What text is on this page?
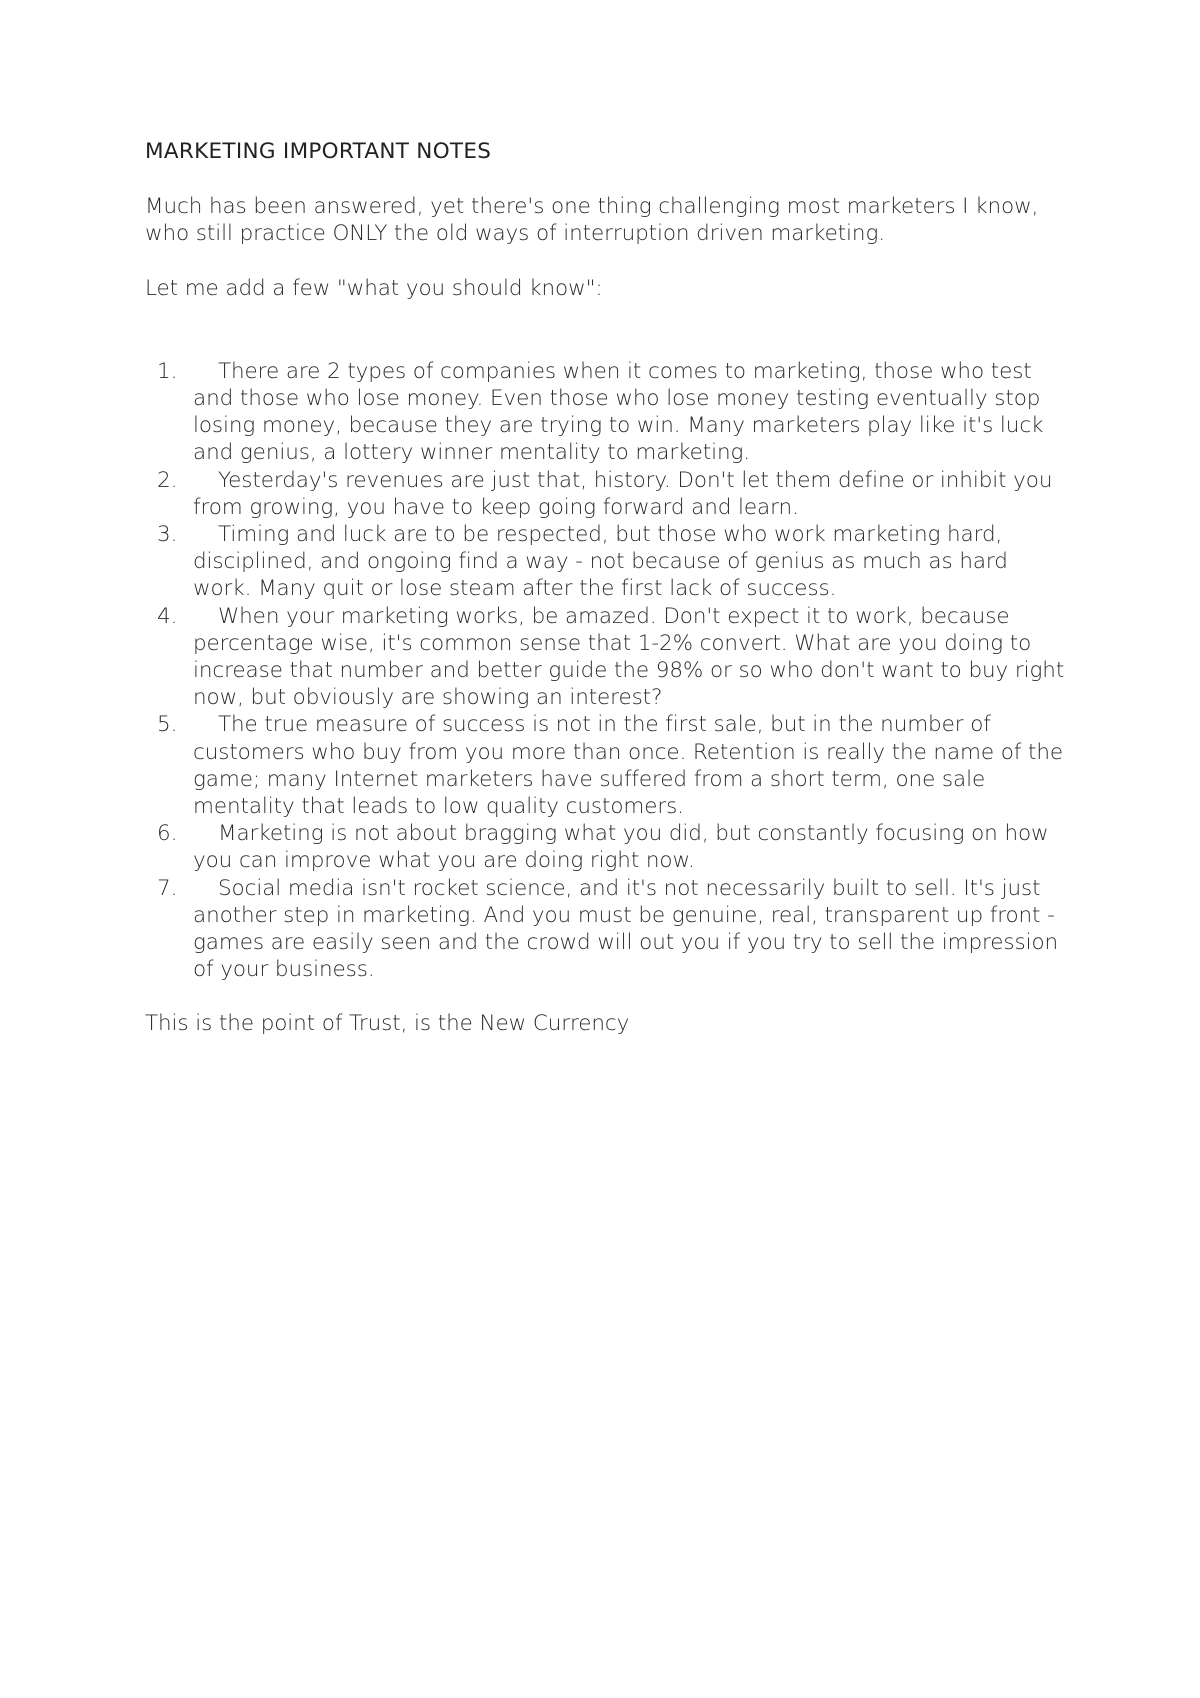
MARKETING IMPORTANT NOTES

Much has been answered, yet there's one thing challenging most marketers I know, who still practice ONLY the old ways of interruption driven marketing.

Let me add a few "what you should know":

1.	There are 2 types of companies when it comes to marketing, those who test and those who lose money. Even those who lose money testing eventually stop losing money, because they are trying to win. Many marketers play like it's luck and genius, a lottery winner mentality to marketing.
2.	Yesterday's revenues are just that, history. Don't let them define or inhibit you from growing, you have to keep going forward and learn.
3.	Timing and luck are to be respected, but those who work marketing hard, disciplined, and ongoing find a way - not because of genius as much as hard work. Many quit or lose steam after the first lack of success.
4.	When your marketing works, be amazed. Don't expect it to work, because percentage wise, it's common sense that 1-2% convert. What are you doing to increase that number and better guide the 98% or so who don't want to buy right now, but obviously are showing an interest?
5.	The true measure of success is not in the first sale, but in the number of customers who buy from you more than once. Retention is really the name of the game; many Internet marketers have suffered from a short term, one sale mentality that leads to low quality customers.
6.	Marketing is not about bragging what you did, but constantly focusing on how you can improve what you are doing right now.
7.	Social media isn't rocket science, and it's not necessarily built to sell. It's just another step in marketing. And you must be genuine, real, transparent up front - games are easily seen and the crowd will out you if you try to sell the impression of your business.

This is the point of Trust, is the New Currency
